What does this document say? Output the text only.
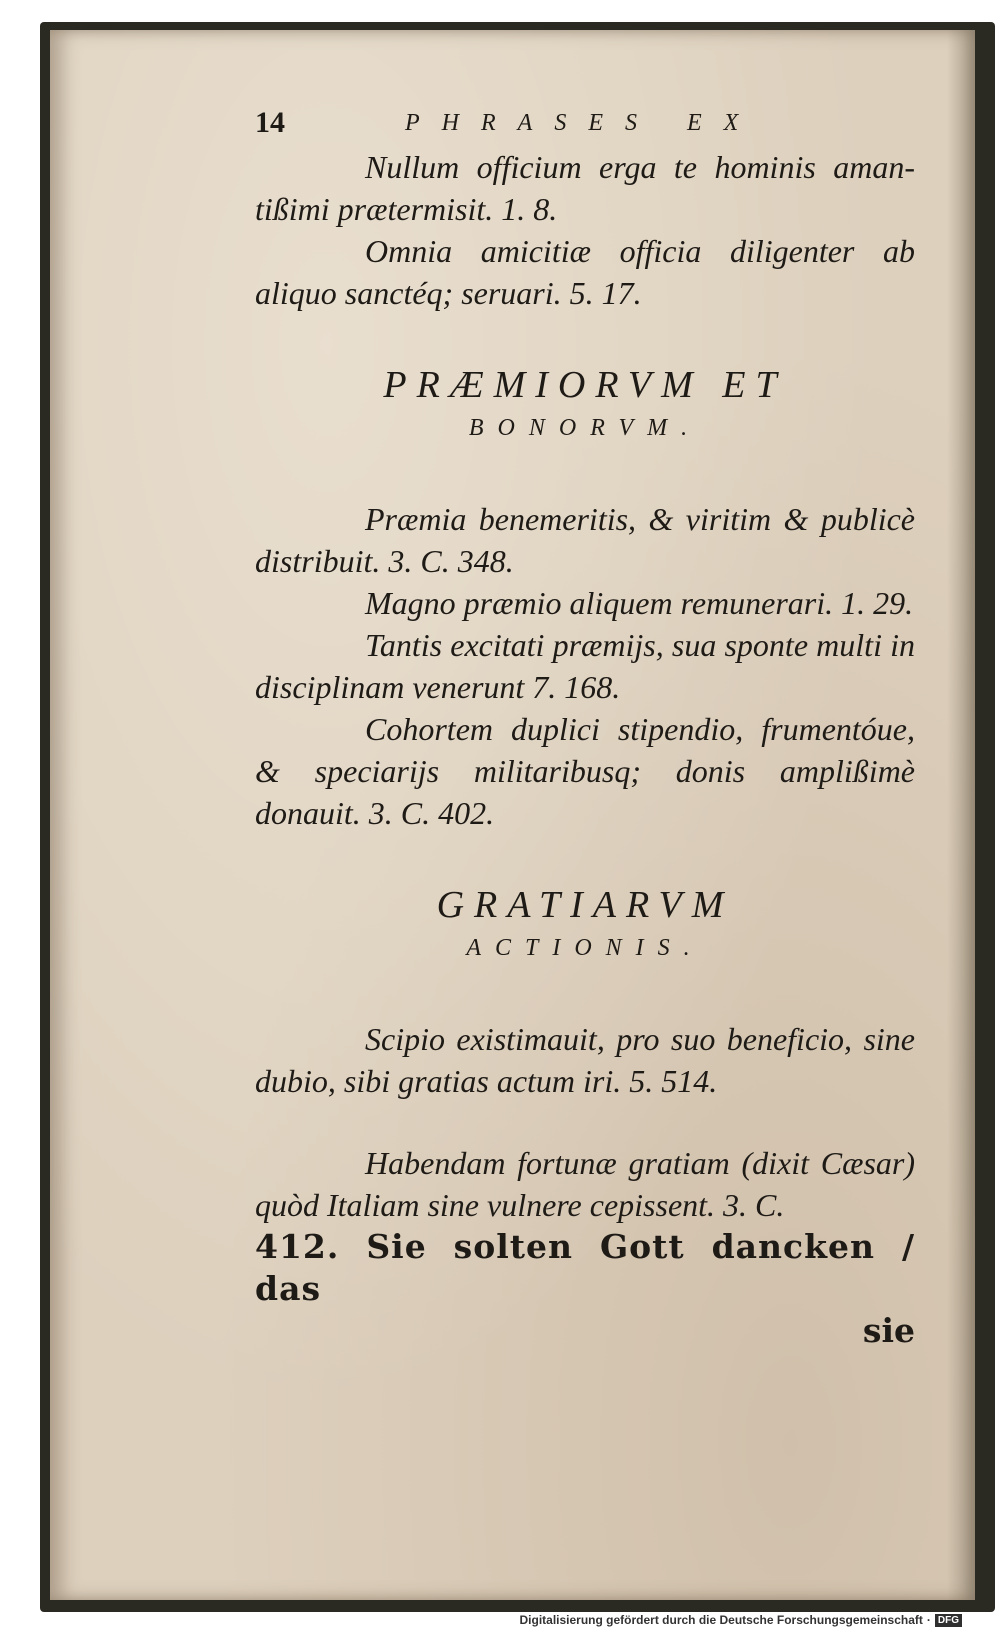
14	PHRASES EX

Nullum officium erga te hominis aman-tißimi prætermisit. 1. 8.

Omnia amicitiæ officia diligenter ab aliquo sanctéq; seruari. 5. 17.

PRÆMIORVM ET
BONORVM.

Præmia benemeritis, & viritim & publicè distribuit. 3. C. 348.

Magno præmio aliquem remunerari. 1. 29.

Tantis excitati præmijs, sua sponte multi in disciplinam venerunt 7. 168.

Cohortem duplici stipendio, frumentóue, & speciarijs militaribusq; donis amplißimè donauit. 3. C. 402.

GRATIARVM
ACTIONIS.

Scipio existimauit, pro suo beneficio, sine dubio, sibi gratias actum iri. 5. 514.

Habendam fortunæ gratiam (dixit Cæsar) quòd Italiam sine vulnere cepissent. 3. C.

412. Sie solten Gott dancken / das

sie

Digitalisierung gefördert durch die Deutsche Forschungsgemeinschaft · DFG
